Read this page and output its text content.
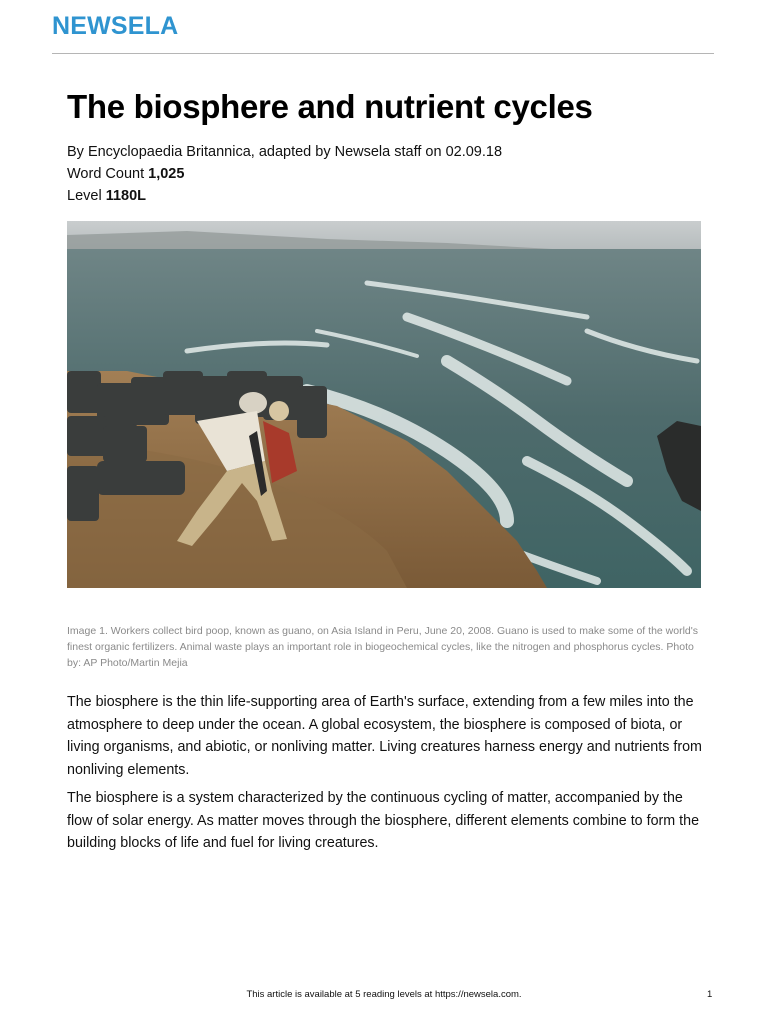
NEWSELA
The biosphere and nutrient cycles
By Encyclopaedia Britannica, adapted by Newsela staff on 02.09.18
Word Count 1,025
Level 1180L
Image 1. Workers collect bird poop, known as guano, on Asia Island in Peru, June 20, 2008. Guano is used to make some of the world's finest organic fertilizers. Animal waste plays an important role in biogeochemical cycles, like the nitrogen and phosphorus cycles. Photo by: AP Photo/Martin Mejia

The biosphere is the thin life-supporting area of Earth's surface, extending from a few miles into the atmosphere to deep under the ocean. A global ecosystem, the biosphere is composed of biota, or living organisms, and abiotic, or nonliving matter. Living creatures harness energy and nutrients from nonliving elements.

The biosphere is a system characterized by the continuous cycling of matter, accompanied by the flow of solar energy. As matter moves through the biosphere, different elements combine to form the building blocks of life and fuel for living creatures.

This article is available at 5 reading levels at https://newsela.com.	1
